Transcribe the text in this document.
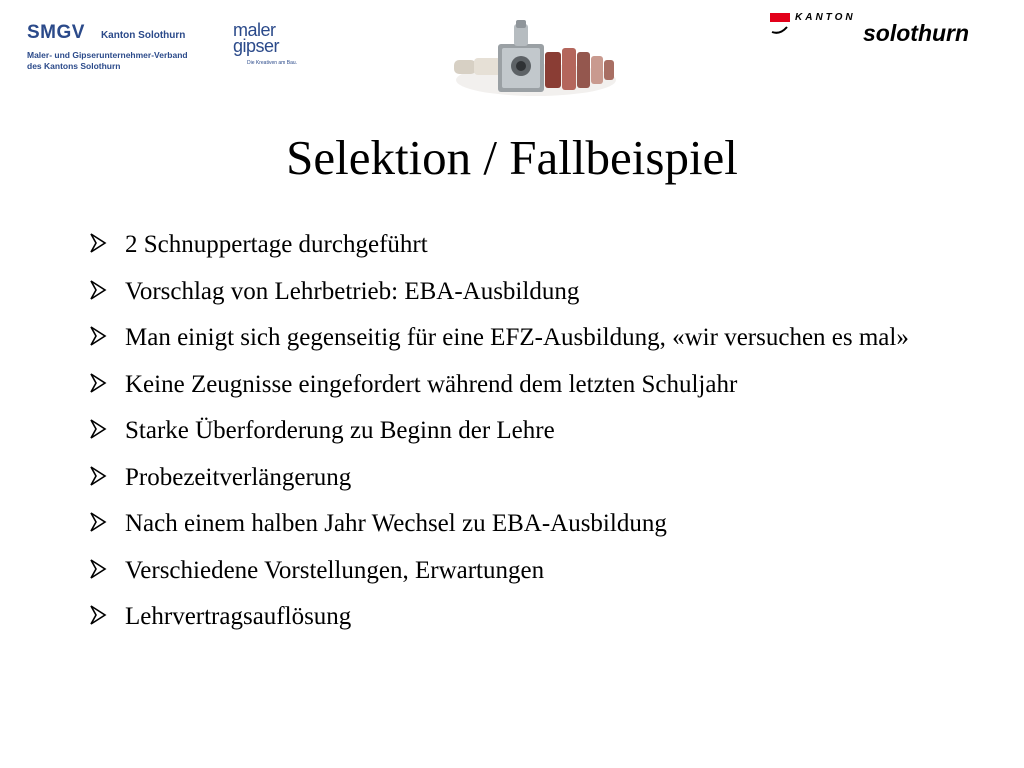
SMGV Kanton Solothurn
Maler- und Gipserunternehmer-Verband
des Kantons Solothurn
maler
gipser
Die Kreativen am Bau.
KANTON
solothurn
Selektion / Fallbeispiel
2 Schnuppertage durchgeführt
Vorschlag von Lehrbetrieb: EBA-Ausbildung
Man einigt sich gegenseitig für eine EFZ-Ausbildung, «wir versuchen es mal»
Keine Zeugnisse eingefordert während dem letzten Schuljahr
Starke Überforderung zu Beginn der Lehre
Probezeitverlängerung
Nach einem halben Jahr Wechsel zu EBA-Ausbildung
Verschiedene Vorstellungen, Erwartungen
Lehrvertragsauflösung
